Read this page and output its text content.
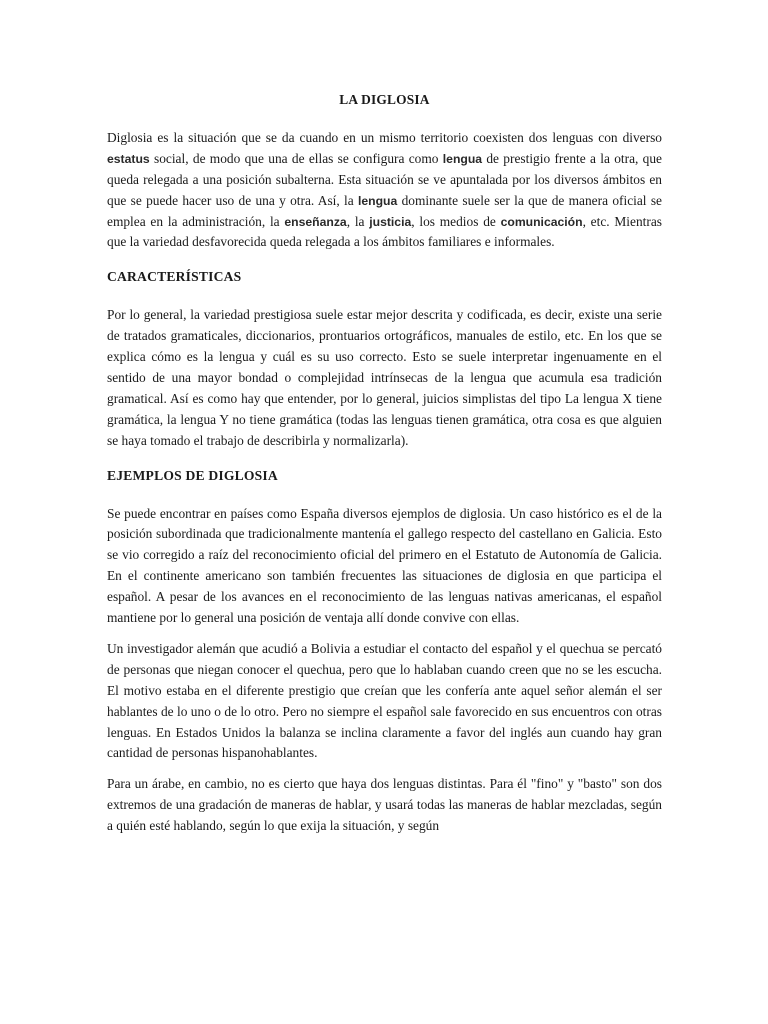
LA DIGLOSIA

Diglosia es la situación que se da cuando en un mismo territorio coexisten dos lenguas con diverso estatus social, de modo que una de ellas se configura como lengua de prestigio frente a la otra, que queda relegada a una posición subalterna. Esta situación se ve apuntalada por los diversos ámbitos en que se puede hacer uso de una y otra. Así, la lengua dominante suele ser la que de manera oficial se emplea en la administración, la enseñanza, la justicia, los medios de comunicación, etc. Mientras que la variedad desfavorecida queda relegada a los ámbitos familiares e informales.

CARACTERÍSTICAS

Por lo general, la variedad prestigiosa suele estar mejor descrita y codificada, es decir, existe una serie de tratados gramaticales, diccionarios, prontuarios ortográficos, manuales de estilo, etc. En los que se explica cómo es la lengua y cuál es su uso correcto. Esto se suele interpretar ingenuamente en el sentido de una mayor bondad o complejidad intrínsecas de la lengua que acumula esa tradición gramatical. Así es como hay que entender, por lo general, juicios simplistas del tipo La lengua X tiene gramática, la lengua Y no tiene gramática (todas las lenguas tienen gramática, otra cosa es que alguien se haya tomado el trabajo de describirla y normalizarla).

EJEMPLOS DE DIGLOSIA

Se puede encontrar en países como España diversos ejemplos de diglosia. Un caso histórico es el de la posición subordinada que tradicionalmente mantenía el gallego respecto del castellano en Galicia. Esto se vio corregido a raíz del reconocimiento oficial del primero en el Estatuto de Autonomía de Galicia. En el continente americano son también frecuentes las situaciones de diglosia en que participa el español. A pesar de los avances en el reconocimiento de las lenguas nativas americanas, el español mantiene por lo general una posición de ventaja allí donde convive con ellas.

Un investigador alemán que acudió a Bolivia a estudiar el contacto del español y el quechua se percató de personas que niegan conocer el quechua, pero que lo hablaban cuando creen que no se les escucha. El motivo estaba en el diferente prestigio que creían que les confería ante aquel señor alemán el ser hablantes de lo uno o de lo otro. Pero no siempre el español sale favorecido en sus encuentros con otras lenguas. En Estados Unidos la balanza se inclina claramente a favor del inglés aun cuando hay gran cantidad de personas hispanohablantes.

Para un árabe, en cambio, no es cierto que haya dos lenguas distintas. Para él "fino" y "basto" son dos extremos de una gradación de maneras de hablar, y usará todas las maneras de hablar mezcladas, según a quién esté hablando, según lo que exija la situación, y según
